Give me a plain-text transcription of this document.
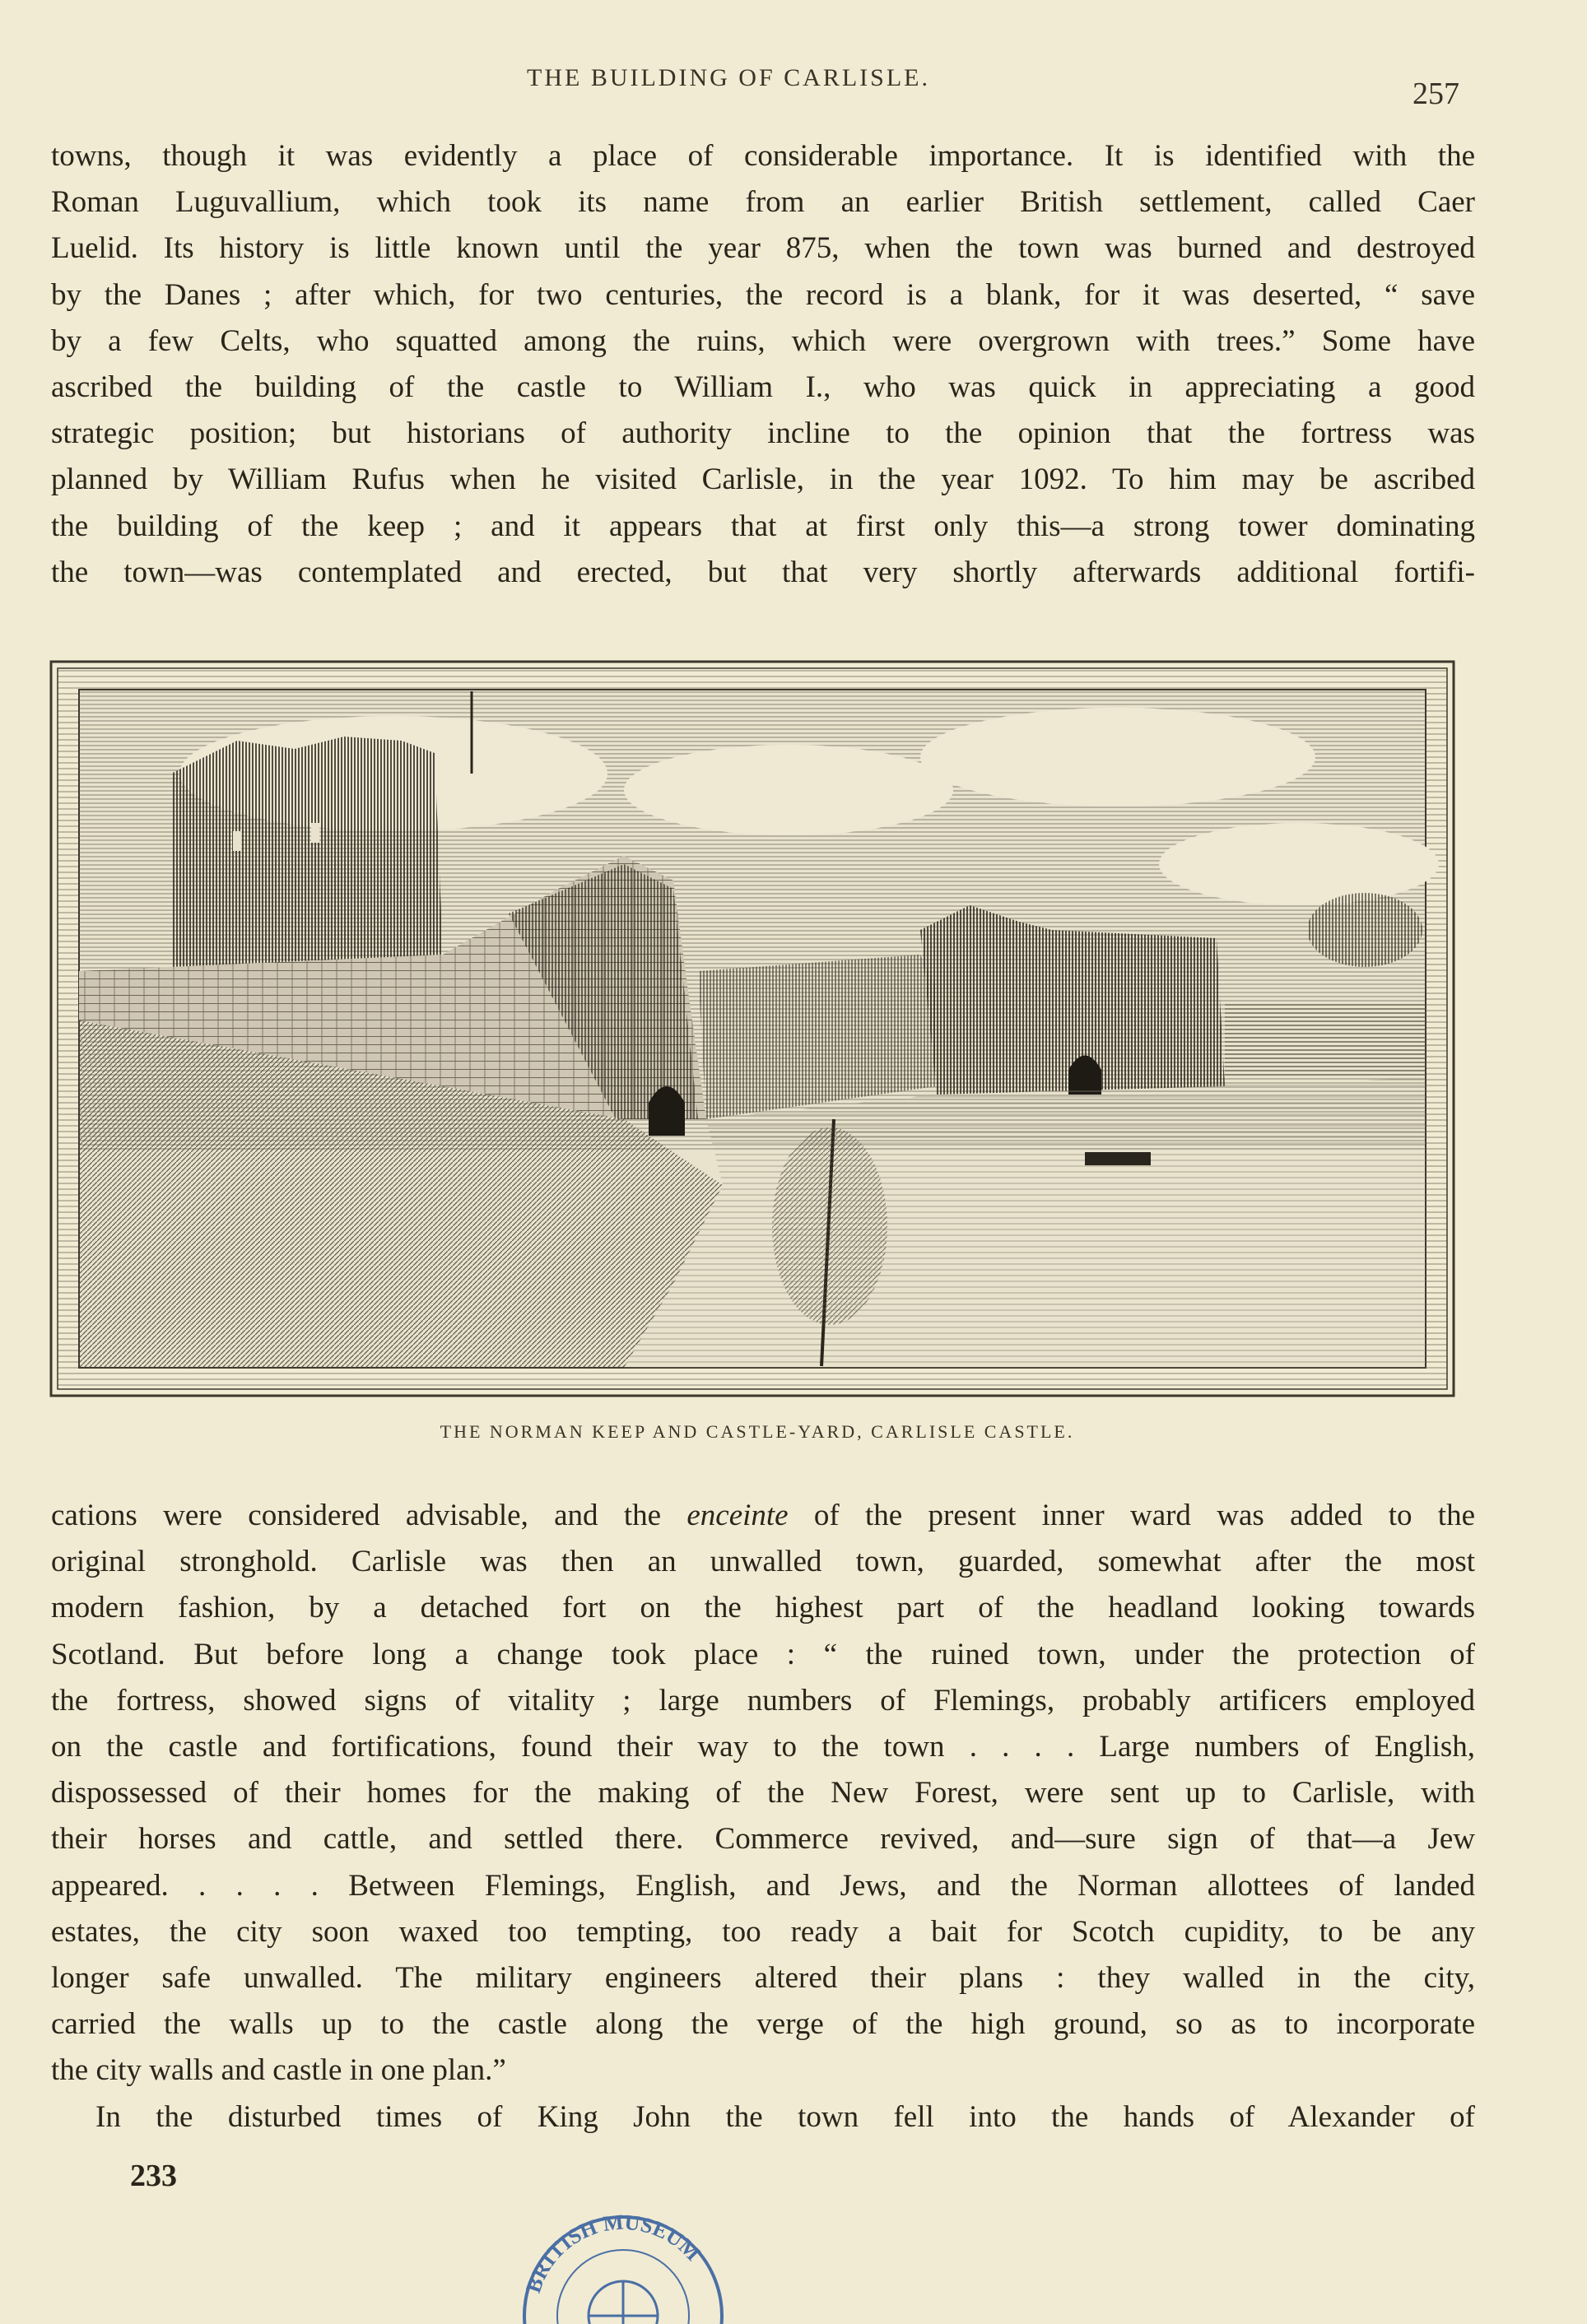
THE BUILDING OF CARLISLE.	257
towns, though it was evidently a place of considerable importance. It is identified with the
Roman Luguvallium, which took its name from an earlier British settlement, called Caer
Luelid. Its history is little known until the year 875, when the town was burned and destroyed
by the Danes ; after which, for two centuries, the record is a blank, for it was deserted, “ save
by a few Celts, who squatted among the ruins, which were overgrown with trees.” Some have
ascribed the building of the castle to William I., who was quick in appreciating a good
strategic position; but historians of authority incline to the opinion that the fortress was
planned by William Rufus when he visited Carlisle, in the year 1092. To him may be ascribed
the building of the keep ; and it appears that at first only this—a strong tower dominating
the town—was contemplated and erected, but that very shortly afterwards additional fortifi-
THE NORMAN KEEP AND CASTLE-YARD, CARLISLE CASTLE.
cations were considered advisable, and the enceinte of the present inner ward was added to the
original stronghold. Carlisle was then an unwalled town, guarded, somewhat after the most
modern fashion, by a detached fort on the highest part of the headland looking towards
Scotland. But before long a change took place : “ the ruined town, under the protection of
the fortress, showed signs of vitality ; large numbers of Flemings, probably artificers employed
on the castle and fortifications, found their way to the town . . . . Large numbers of English,
dispossessed of their homes for the making of the New Forest, were sent up to Carlisle, with
their horses and cattle, and settled there. Commerce revived, and—sure sign of that—a Jew
appeared. . . . . Between Flemings, English, and Jews, and the Norman allottees of landed
estates, the city soon waxed too tempting, too ready a bait for Scotch cupidity, to be any
longer safe unwalled. The military engineers altered their plans : they walled in the city,
carried the walls up to the castle along the verge of the high ground, so as to incorporate
the city walls and castle in one plan.”
In the disturbed times of King John the town fell into the hands of Alexander of
233
BRITISH MUSEUM
